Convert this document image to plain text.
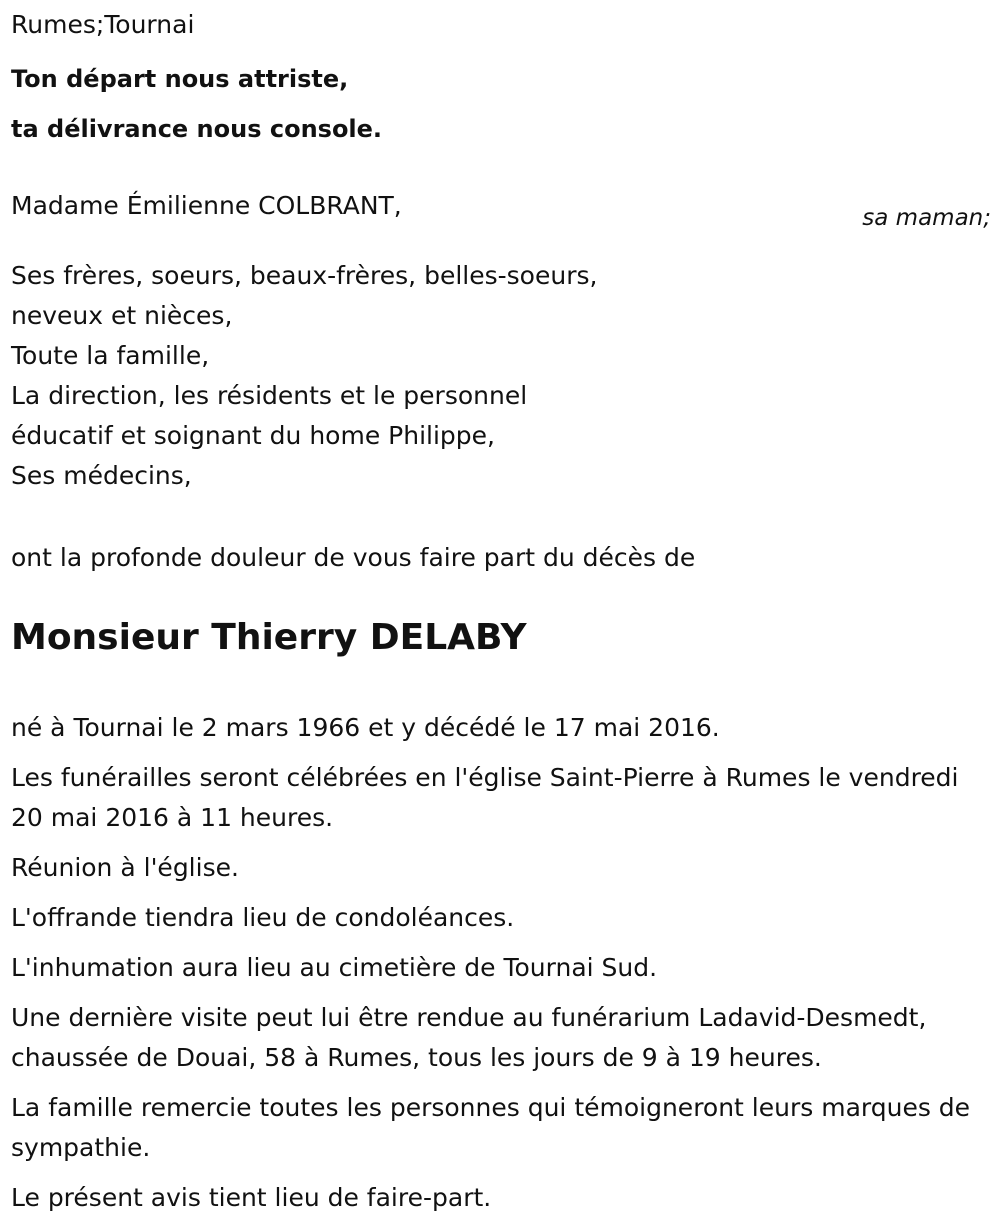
Rumes;Tournai

Ton départ nous attriste,

ta délivrance nous console.

Madame Émilienne COLBRANT,	sa maman;
Ses frères, soeurs, beaux-frères, belles-soeurs,
neveux et nièces,
Toute la famille,
La direction, les résidents et le personnel
éducatif et soignant du home Philippe,
Ses médecins,
ont la profonde douleur de vous faire part du décès de
Monsieur Thierry DELABY

né à Tournai le 2 mars 1966 et y décédé le 17 mai 2016.

Les funérailles seront célébrées en l'église Saint-Pierre à Rumes le vendredi 20 mai 2016 à 11 heures.

Réunion à l'église.

L'offrande tiendra lieu de condoléances.

L'inhumation aura lieu au cimetière de Tournai Sud.

Une dernière visite peut lui être rendue au funérarium Ladavid-Desmedt, chaussée de Douai, 58 à Rumes, tous les jours de 9 à 19 heures.

La famille remercie toutes les personnes qui témoigneront leurs marques de sympathie.

Le présent avis tient lieu de faire-part.
